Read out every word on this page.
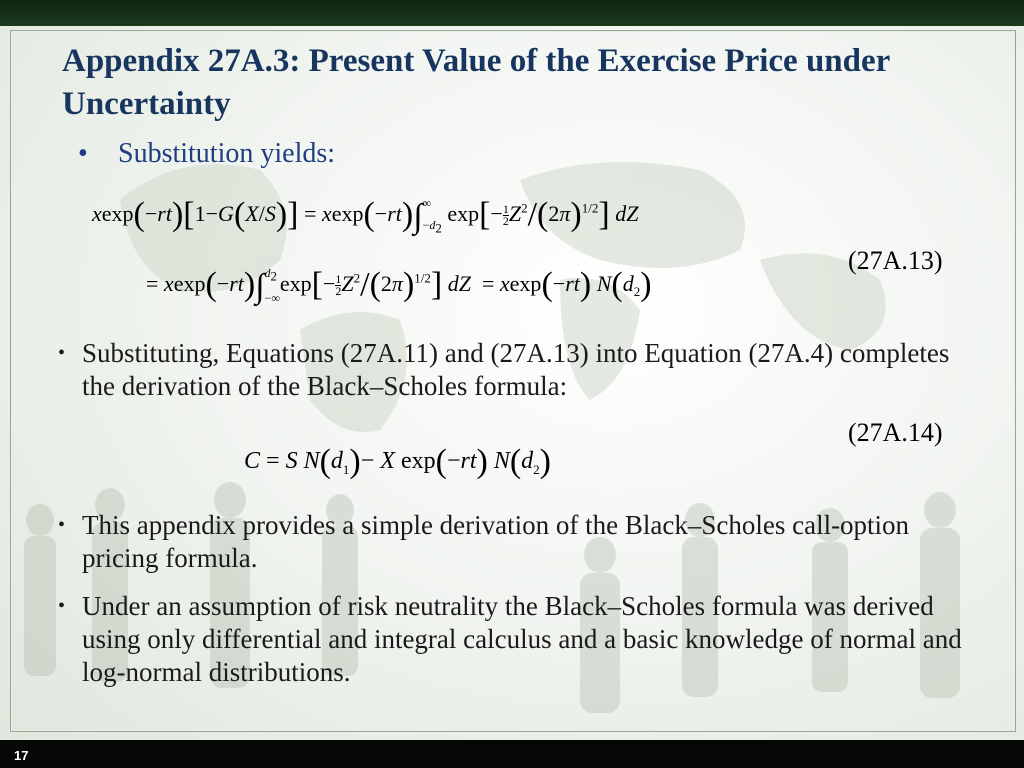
Appendix 27A.3: Present Value of the Exercise Price under Uncertainty
• Substitution yields:
xexp(−rt)[1−G(X/S)] = xexp(−rt)∫ ∞
$-d_2$
$\exp[- \frac{1}{2}Z^2/(2\pi)^{1/2}]$ dZ
(27A.13)
= xexp(−rt)∫ $d_2$
−∞
$\exp[- \frac{1}{2}Z^2/(2\pi)^{1/2}]$ dZ  = xexp(−rt) $N(d_2)$
• Substituting, Equations (27A.11) and (27A.13) into Equation (27A.4) completes the derivation of the Black–Scholes formula:
(27A.14)
C = S $N(d_1)- X$ exp(−rt) $N(d_2)$
• This appendix provides a simple derivation of the Black–Scholes call-option pricing formula.
• Under an assumption of risk neutrality the Black–Scholes formula was derived using only differential and integral calculus and a basic knowledge of normal and log-normal distributions.
17
